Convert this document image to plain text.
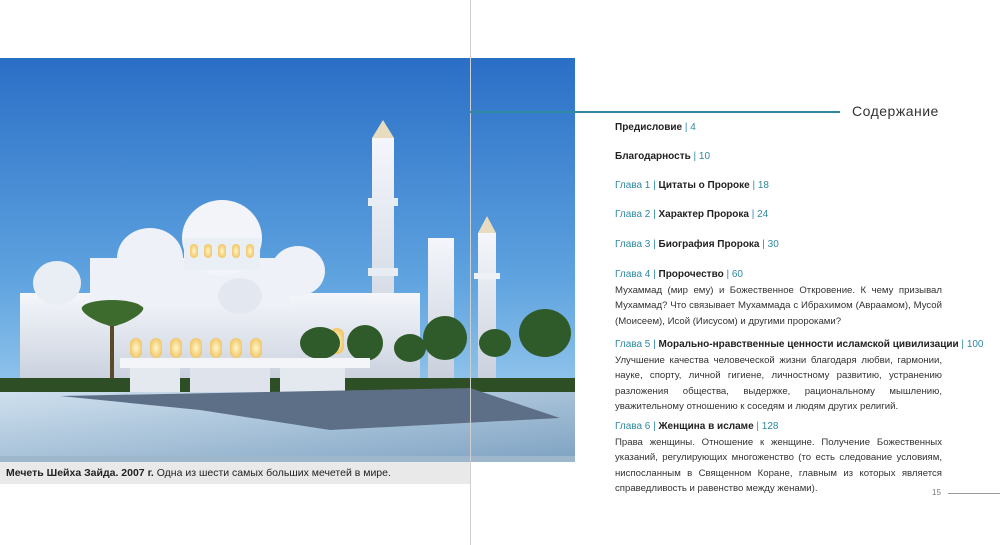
Мечеть Шейха Зайда. 2007 г. Одна из шести самых больших мечетей в мире.
Содержание
Предисловие | 4
Благодарность | 10
Глава 1 | Цитаты о Пророке | 18
Глава 2 | Характер Пророка | 24
Глава 3 | Биография Пророка | 30
Глава 4 | Пророчество | 60
Мухаммад (мир ему) и Божественное Откровение. К чему призывал Мухаммад? Что связывает Мухаммада с Ибрахимом (Авраамом), Мусой (Моисеем), Исой (Иисусом) и другими пророками?
Глава 5 | Морально-нравственные ценности исламской цивилизации | 100
Улучшение качества человеческой жизни благодаря любви, гармонии, науке, спорту, личной гигиене, личностному развитию, устранению разложения общества, выдержке, рациональному мышлению, уважительному отношению к соседям и людям других религий.
Глава 6 | Женщина в исламе | 128
Права женщины. Отношение к женщине. Получение Божественных указаний, регулирующих многоженство (то есть следование условиям, ниспосланным в Священном Коране, главным из которых является справедливость и равенство между женами).	15
